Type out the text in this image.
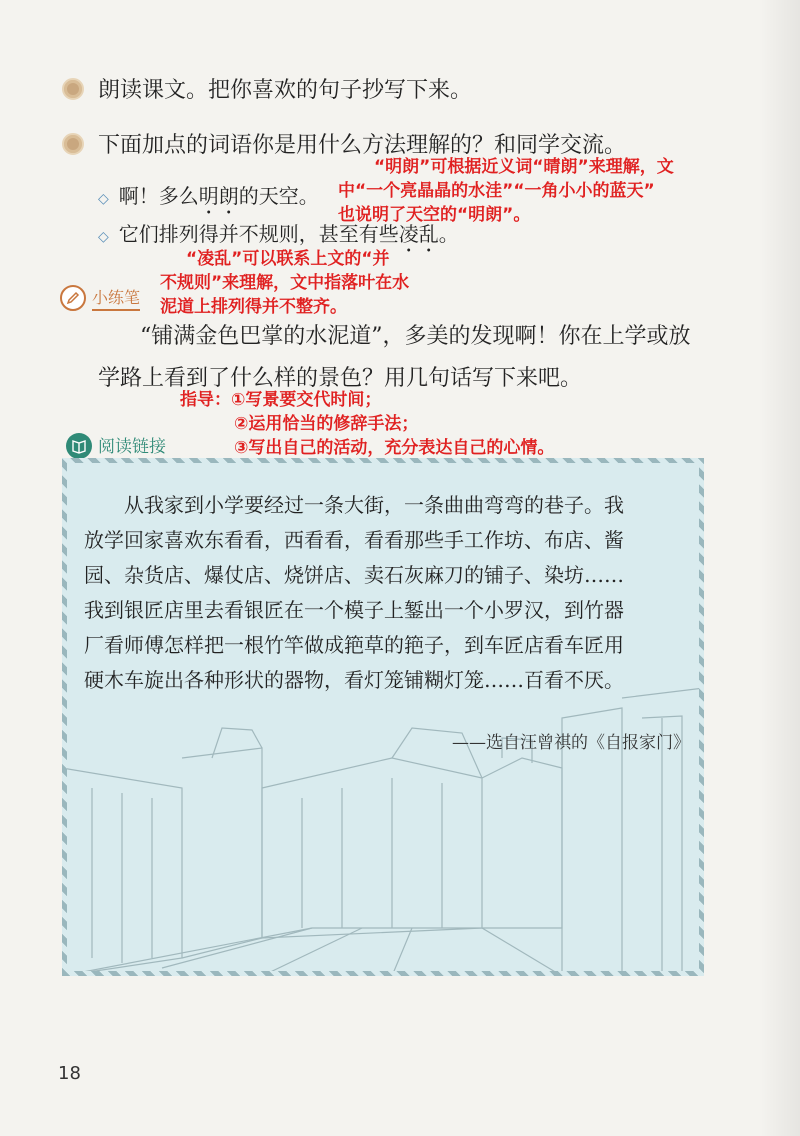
朗读课文。把你喜欢的句子抄写下来。
下面加点的词语你是用什么方法理解的？和同学交流。
“明朗”可根据近义词“晴朗”来理解，文
中“一个亮晶晶的水洼”“一角小小的蓝天”
也说明了天空的“明朗”。
◇ 啊！多么明朗的天空。
◇ 它们排列得并不规则，甚至有些凌乱。
“凌乱”可以联系上文的“并
不规则”来理解，文中指落叶在水
泥道上排列得并不整齐。
小练笔
“铺满金色巴掌的水泥道”，多美的发现啊！你在上学或放
学路上看到了什么样的景色？用几句话写下来吧。
指导：①写景要交代时间；
②运用恰当的修辞手法；
③写出自己的活动，充分表达自己的心情。
阅读链接
从我家到小学要经过一条大街，一条曲曲弯弯的巷子。我
放学回家喜欢东看看，西看看，看看那些手工作坊、布店、酱
园、杂货店、爆仗店、烧饼店、卖石灰麻刀的铺子、染坊……
我到银匠店里去看银匠在一个模子上錾出一个小罗汉，到竹器
厂看师傅怎样把一根竹竿做成筢草的筢子，到车匠店看车匠用
硬木车旋出各种形状的器物，看灯笼铺糊灯笼……百看不厌。
——选自汪曾祺的《自报家门》
18
